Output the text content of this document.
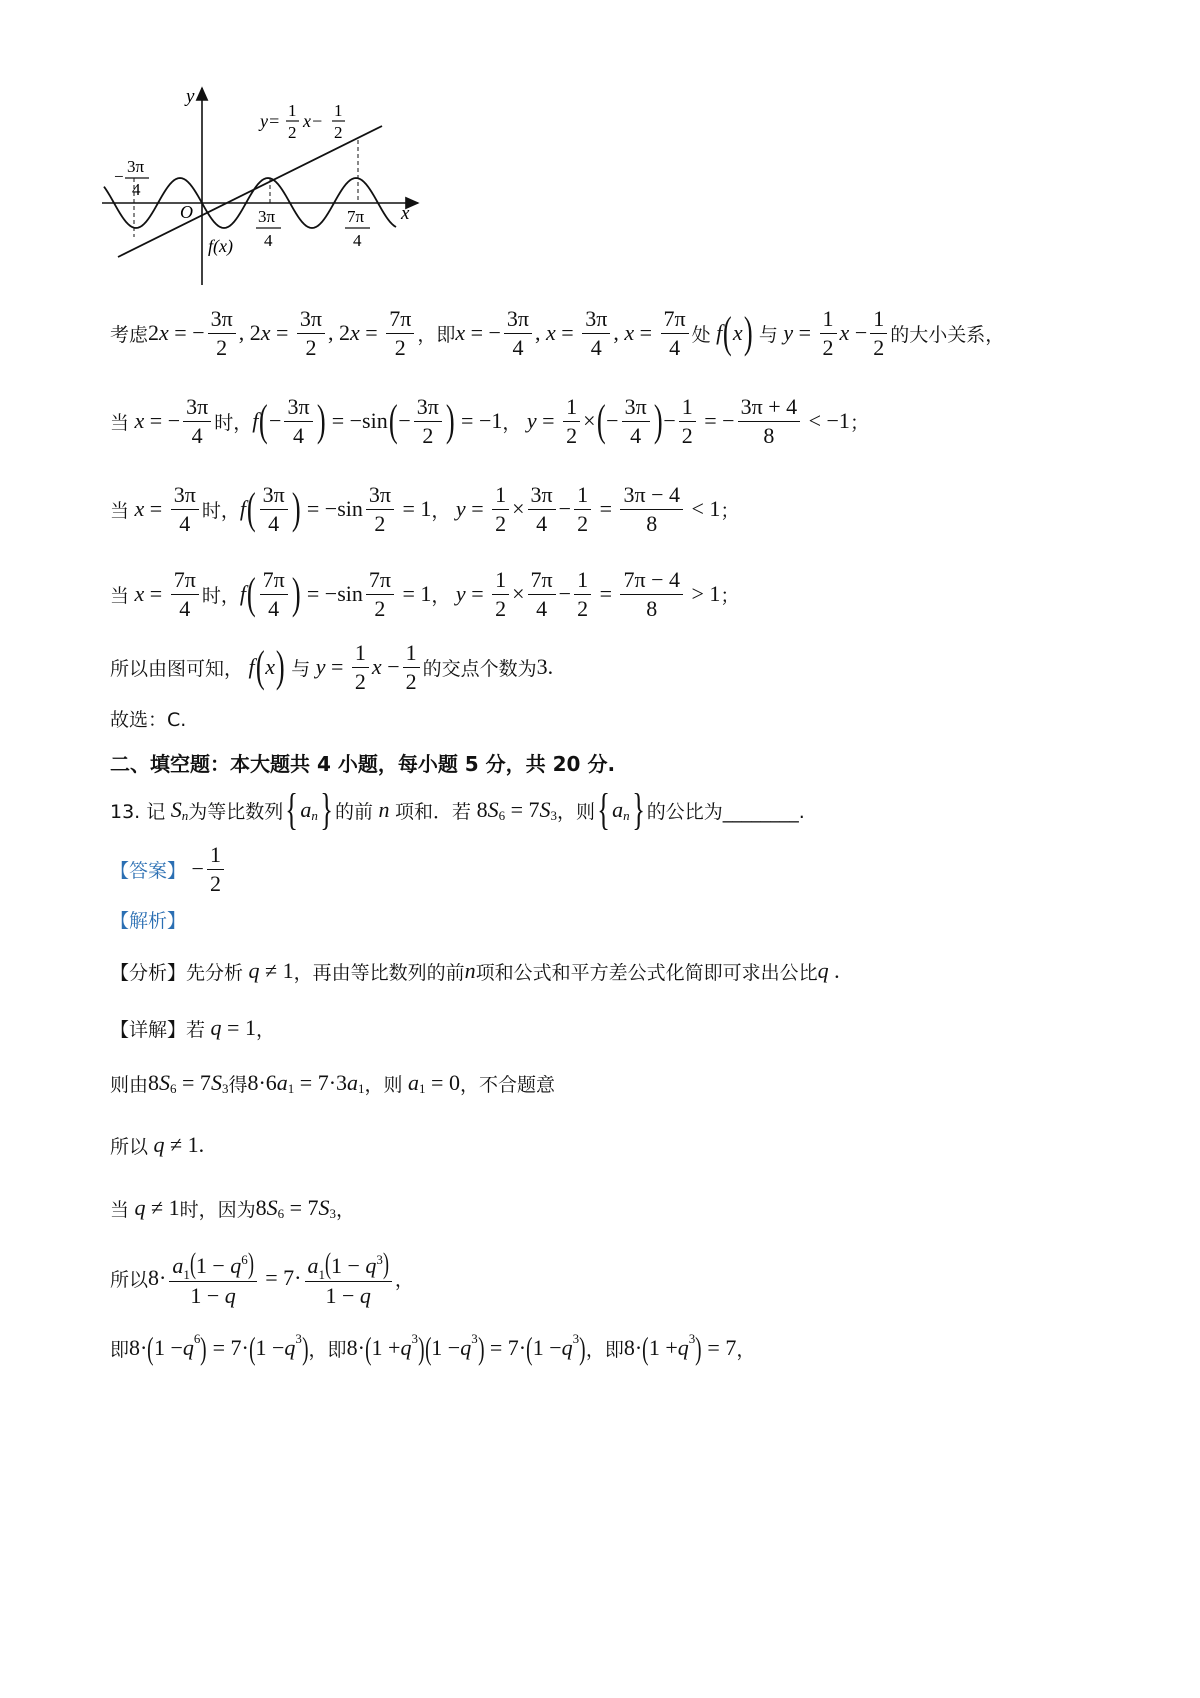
y
x
O
f(x)
y=
1
2
x−
1
2
−
3π
4
3π
4
7π
4
考虑 2 x = − $\frac{3\pi}{2}$ , 2 $x = \frac{3\pi}{2}$ , 2 $x = \frac{7\pi}{2}$ ，即 x = − $\frac{3\pi}{4}$ , $x = \frac{3\pi}{4}$ , $x = \frac{7\pi}{4}$ 处
f ( x )
与
$y = \frac{1}{2}$ $x - \frac{1}{2}$ 的大小关系，
当
x = − $\frac{3\pi}{4}$ 时， f ( − $\frac{3\pi}{4}$ ) = −sin ( − $\frac{3\pi}{2}$ ) = −1 ，
$y = \frac{1}{2}$ × ( − $\frac{3\pi}{4}$ ) − $\frac{1}{2}$ = − $\frac{3\pi + 4}{8} < -1$ ；
当
$x = \frac{3\pi}{4}$ 时， f ( $\frac{3\pi}{4}$ ) = $-\sin \frac{3\pi}{2} = 1$ ，
$y = \frac{1}{2} \times \frac{3\pi}{4} - \frac{1}{2} = \frac{3\pi - 4}{8} < 1$ ；
当
$x = \frac{7\pi}{4}$ 时， f ( $\frac{7\pi}{4}$ ) = $-\sin \frac{7\pi}{2} = 1$ ，
$y = \frac{1}{2} \times \frac{7\pi}{4} - \frac{1}{2} = \frac{7\pi - 4}{8} > 1$ ；
所以由图可知，
f ( x )
与
$y = \frac{1}{2}$ $x - \frac{1}{2}$ 的交点个数为 3 .
故选：C.
二、填空题：本大题共 4 小题，每小题 5 分，共 20 分.
13. 记
S n 为等比数列 { a n } 的前 n 项和．若 8 S 6 = 7 S 3 ，则 { a n } 的公比为________.
【答案】 − $\frac{1}{2}$
【解析】
【分析】 先分析
q ≠ 1 ，再由等比数列的前 n 项和公式和平方差公式化简即可求出公比 q .
【详解】 若
q = 1 ，
则由 8 S 6 = 7 S 3 得 8·6 a 1 = 7·3 a 1 ，则
a 1 = 0 ，不合题意
所以
q ≠ 1.
当
q ≠ 1 时，因为 8 S 6 = 7 S 3 ，
所以 $8\cdot \frac{a_1(1 - q^6)}{1 - q} = 7\cdot \frac{a_1(1 - q^3)}{1 - q}$ ，
即 8· ( 1 − q 6 ) = 7· ( 1 − q 3 ) ，即 8· ( 1 + q 3 ) ( 1 − q 3 ) = 7· ( 1 − q 3 ) ，即 8· ( 1 + q 3 ) = 7 ，
